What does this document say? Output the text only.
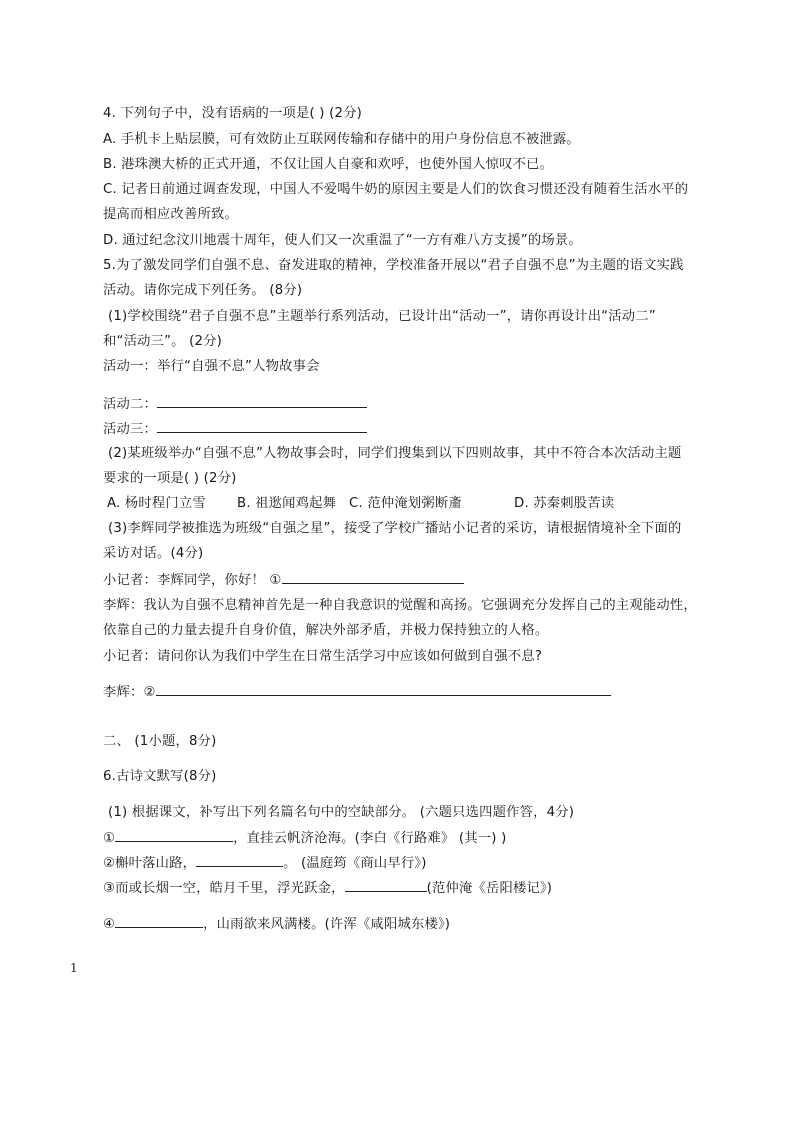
4. 下列句子中，没有语病的一项是( ) (2分)
A. 手机卡上贴层膜，可有效防止互联网传输和存储中的用户身份信息不被泄露。
B. 港珠澳大桥的正式开通，不仅让国人自豪和欢呼，也使外国人惊叹不已。
C. 记者日前通过调查发现，中国人不爱喝牛奶的原因主要是人们的饮食习惯还没有随着生活水平的
提高而相应改善所致。
D. 通过纪念汶川地震十周年，使人们又一次重温了“一方有难八方支援”的场景。
5.为了激发同学们自强不息、奋发进取的精神，学校准备开展以“君子自强不息”为主题的语文实践
活动。请你完成下列任务。 (8分)
(1)学校围绕“君子自强不息”主题举行系列活动，已设计出“活动一”，请你再设计出“活动二”
和“活动三”。 (2分)
活动一：举行“自强不息”人物故事会
活动二：
活动三：
(2)某班级举办“自强不息”人物故事会时，同学们搜集到以下四则故事，其中不符合本次活动主题
要求的一项是( ) (2分)
A. 杨时程门立雪 B. 祖逖闻鸡起舞 C. 范仲淹划粥断齑	D. 苏秦刺股苦读
(3)李辉同学被推选为班级“自强之星”，接受了学校广播站小记者的采访，请根据情境补全下面的
采访对话。(4分)
小记者：李辉同学，你好！ ①
李辉：我认为自强不息精神首先是一种自我意识的觉醒和高扬。它强调充分发挥自己的主观能动性，
依靠自己的力量去提升自身价值，解决外部矛盾，并极力保持独立的人格。
小记者：请问你认为我们中学生在日常生活学习中应该如何做到自强不息?
李辉：②
二、 (1小题，8分)
6.古诗文默写(8分)
(1) 根据课文，补写出下列名篇名句中的空缺部分。 (六题只选四题作答，4分)
①	，直挂云帆济沧海。(李白《行路难》 (其一) )
②槲叶落山路，	。 (温庭筠《商山早行》)
③而或长烟一空，皓月千里，浮光跃金，	(范仲淹《岳阳楼记》)
④	，山雨欲来风满楼。(许浑《咸阳城东楼》)
1
